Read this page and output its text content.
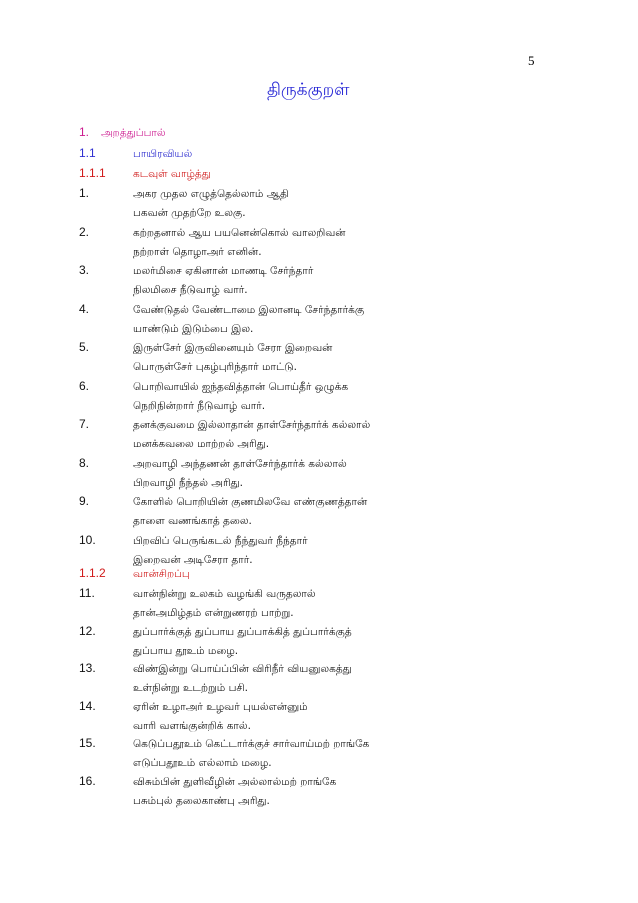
5
திருக்குறள்
1.	அறத்துப்பால்
1.1	பாயிரவியல்
1.1.1	கடவுள் வாழ்த்து
1.	அகர முதல எழுத்தெல்லாம் ஆதி
பகவன் முதற்றே உலகு.
2.	கற்றதனால் ஆய பயனென்கொல் வாலறிவன்
நற்றாள் தொழாஅர் எனின்.
3.	மலர்மிசை ஏகினான் மாணடி சேர்ந்தார்
நிலமிசை நீடுவாழ் வார்.
4.	வேண்டுதல் வேண்டாமை இலானடி சேர்ந்தார்க்கு
யாண்டும் இடும்பை இல.
5.	இருள்சேர் இருவினையும் சேரா இறைவன்
பொருள்சேர் புகழ்புரிந்தார் மாட்டு.
6.	பொறிவாயில் ஐந்தவித்தான் பொய்தீர் ஒழுக்க
நெறிநின்றார் நீடுவாழ் வார்.
7.	தனக்குவமை இல்லாதான் தாள்சேர்ந்தார்க் கல்லால்
மனக்கவலை மாற்றல் அரிது.
8.	அறவாழி அந்தணன் தாள்சேர்ந்தார்க் கல்லால்
பிறவாழி நீந்தல் அரிது.
9.	கோளில் பொறியின் குணமிலவே எண்குணத்தான்
தாளை வணங்காத் தலை.
10.	பிறவிப் பெருங்கடல் நீந்துவர் நீந்தார்
இறைவன் அடிசேரா தார்.
1.1.2	வான்சிறப்பு
11.	வான்நின்று உலகம் வழங்கி வருதலால்
தான்அமிழ்தம் என்றுணரற் பாற்று.
12.	துப்பார்க்குத் துப்பாய துப்பாக்கித் துப்பார்க்குத்
துப்பாய தூஉம் மழை.
13.	விண்இன்று பொய்ப்பின் விரிநீர் வியனுலகத்து
உள்நின்று உடற்றும் பசி.
14.	ஏரின் உழாஅர் உழவர் புயல்என்னும்
வாரி வளங்குன்றிக் கால்.
15.	கெடுப்பதூஉம் கெட்டார்க்குச் சார்வாய்மற் றாங்கே
எடுப்பதூஉம் எல்லாம் மழை.
16.	விசும்பின் துளிவீழின் அல்லால்மற் றாங்கே
பசும்புல் தலைகாண்பு அரிது.
